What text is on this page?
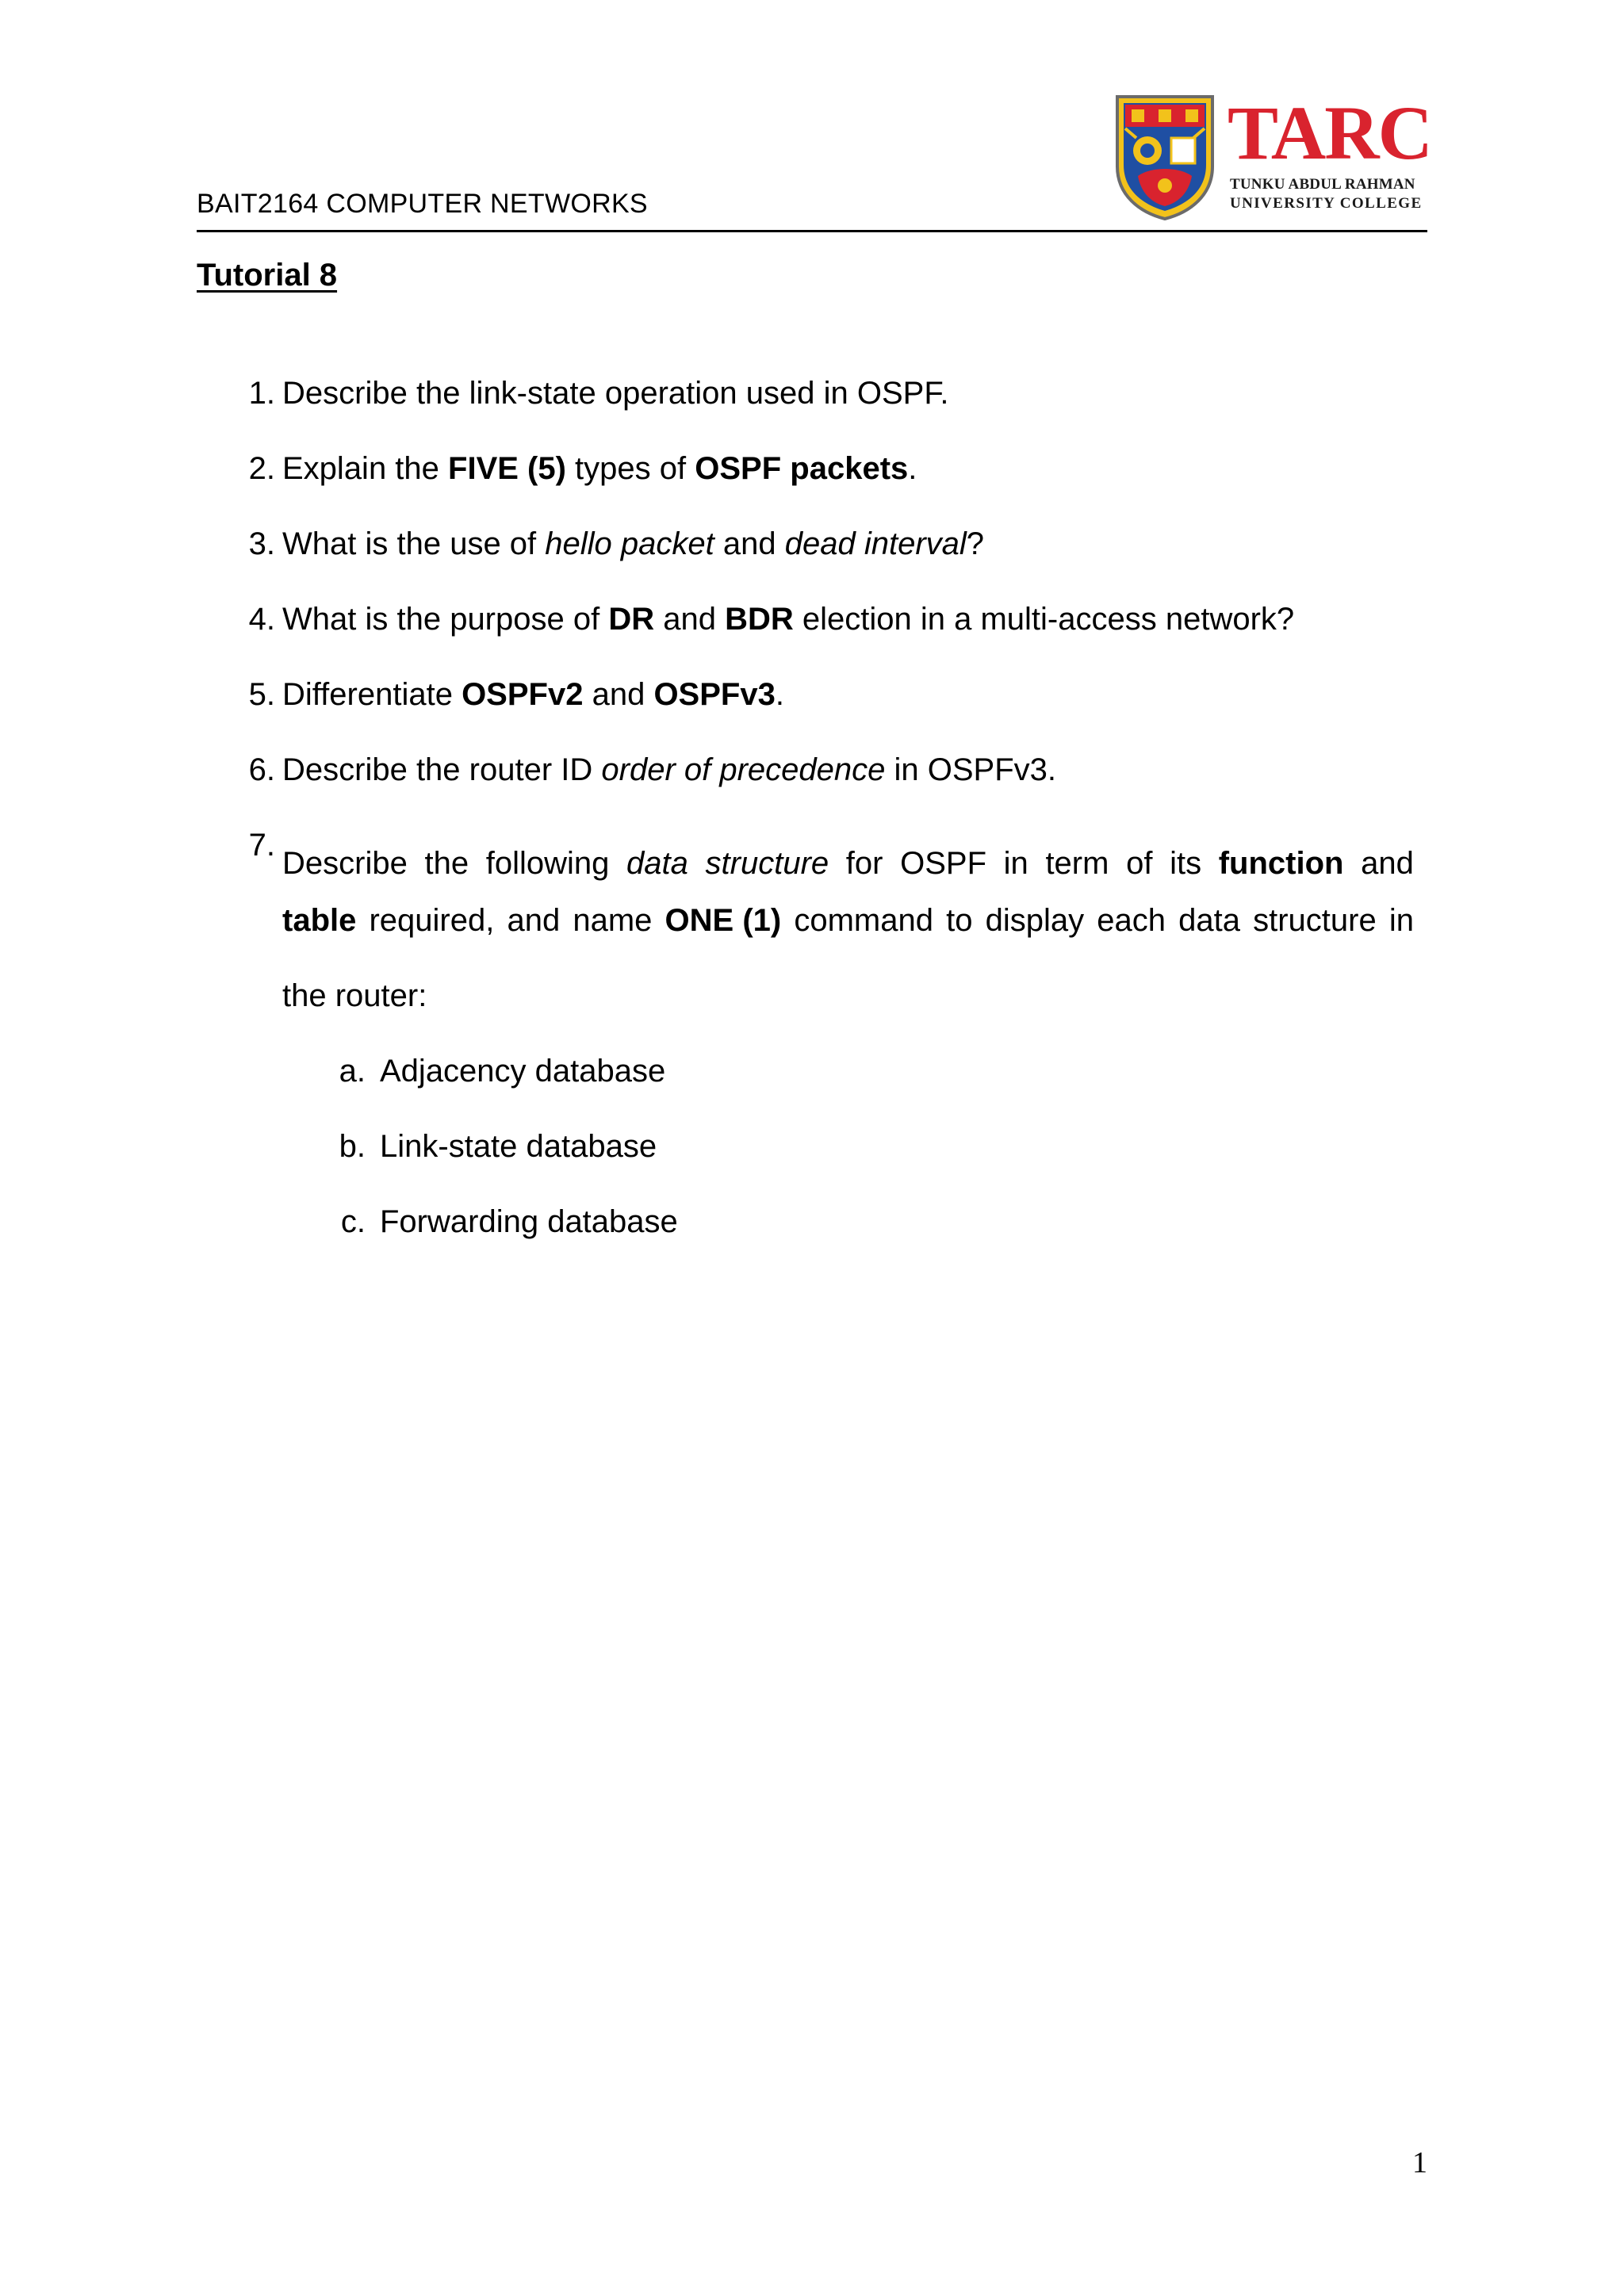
TARC
TUNKU ABDUL RAHMAN
UNIVERSITY COLLEGE
BAIT2164 COMPUTER NETWORKS
Tutorial 8
1. Describe the link-state operation used in OSPF.
2. Explain the FIVE (5) types of OSPF packets.
3. What is the use of hello packet and dead interval?
4. What is the purpose of DR and BDR election in a multi-access network?
5. Differentiate OSPFv2 and OSPFv3.
6. Describe the router ID order of precedence in OSPFv3.
7.
Describe the following data structure for OSPF in term of its function and
table required, and name ONE (1) command to display each data structure in
the router:
a. Adjacency database
b. Link-state database
c. Forwarding database
1
